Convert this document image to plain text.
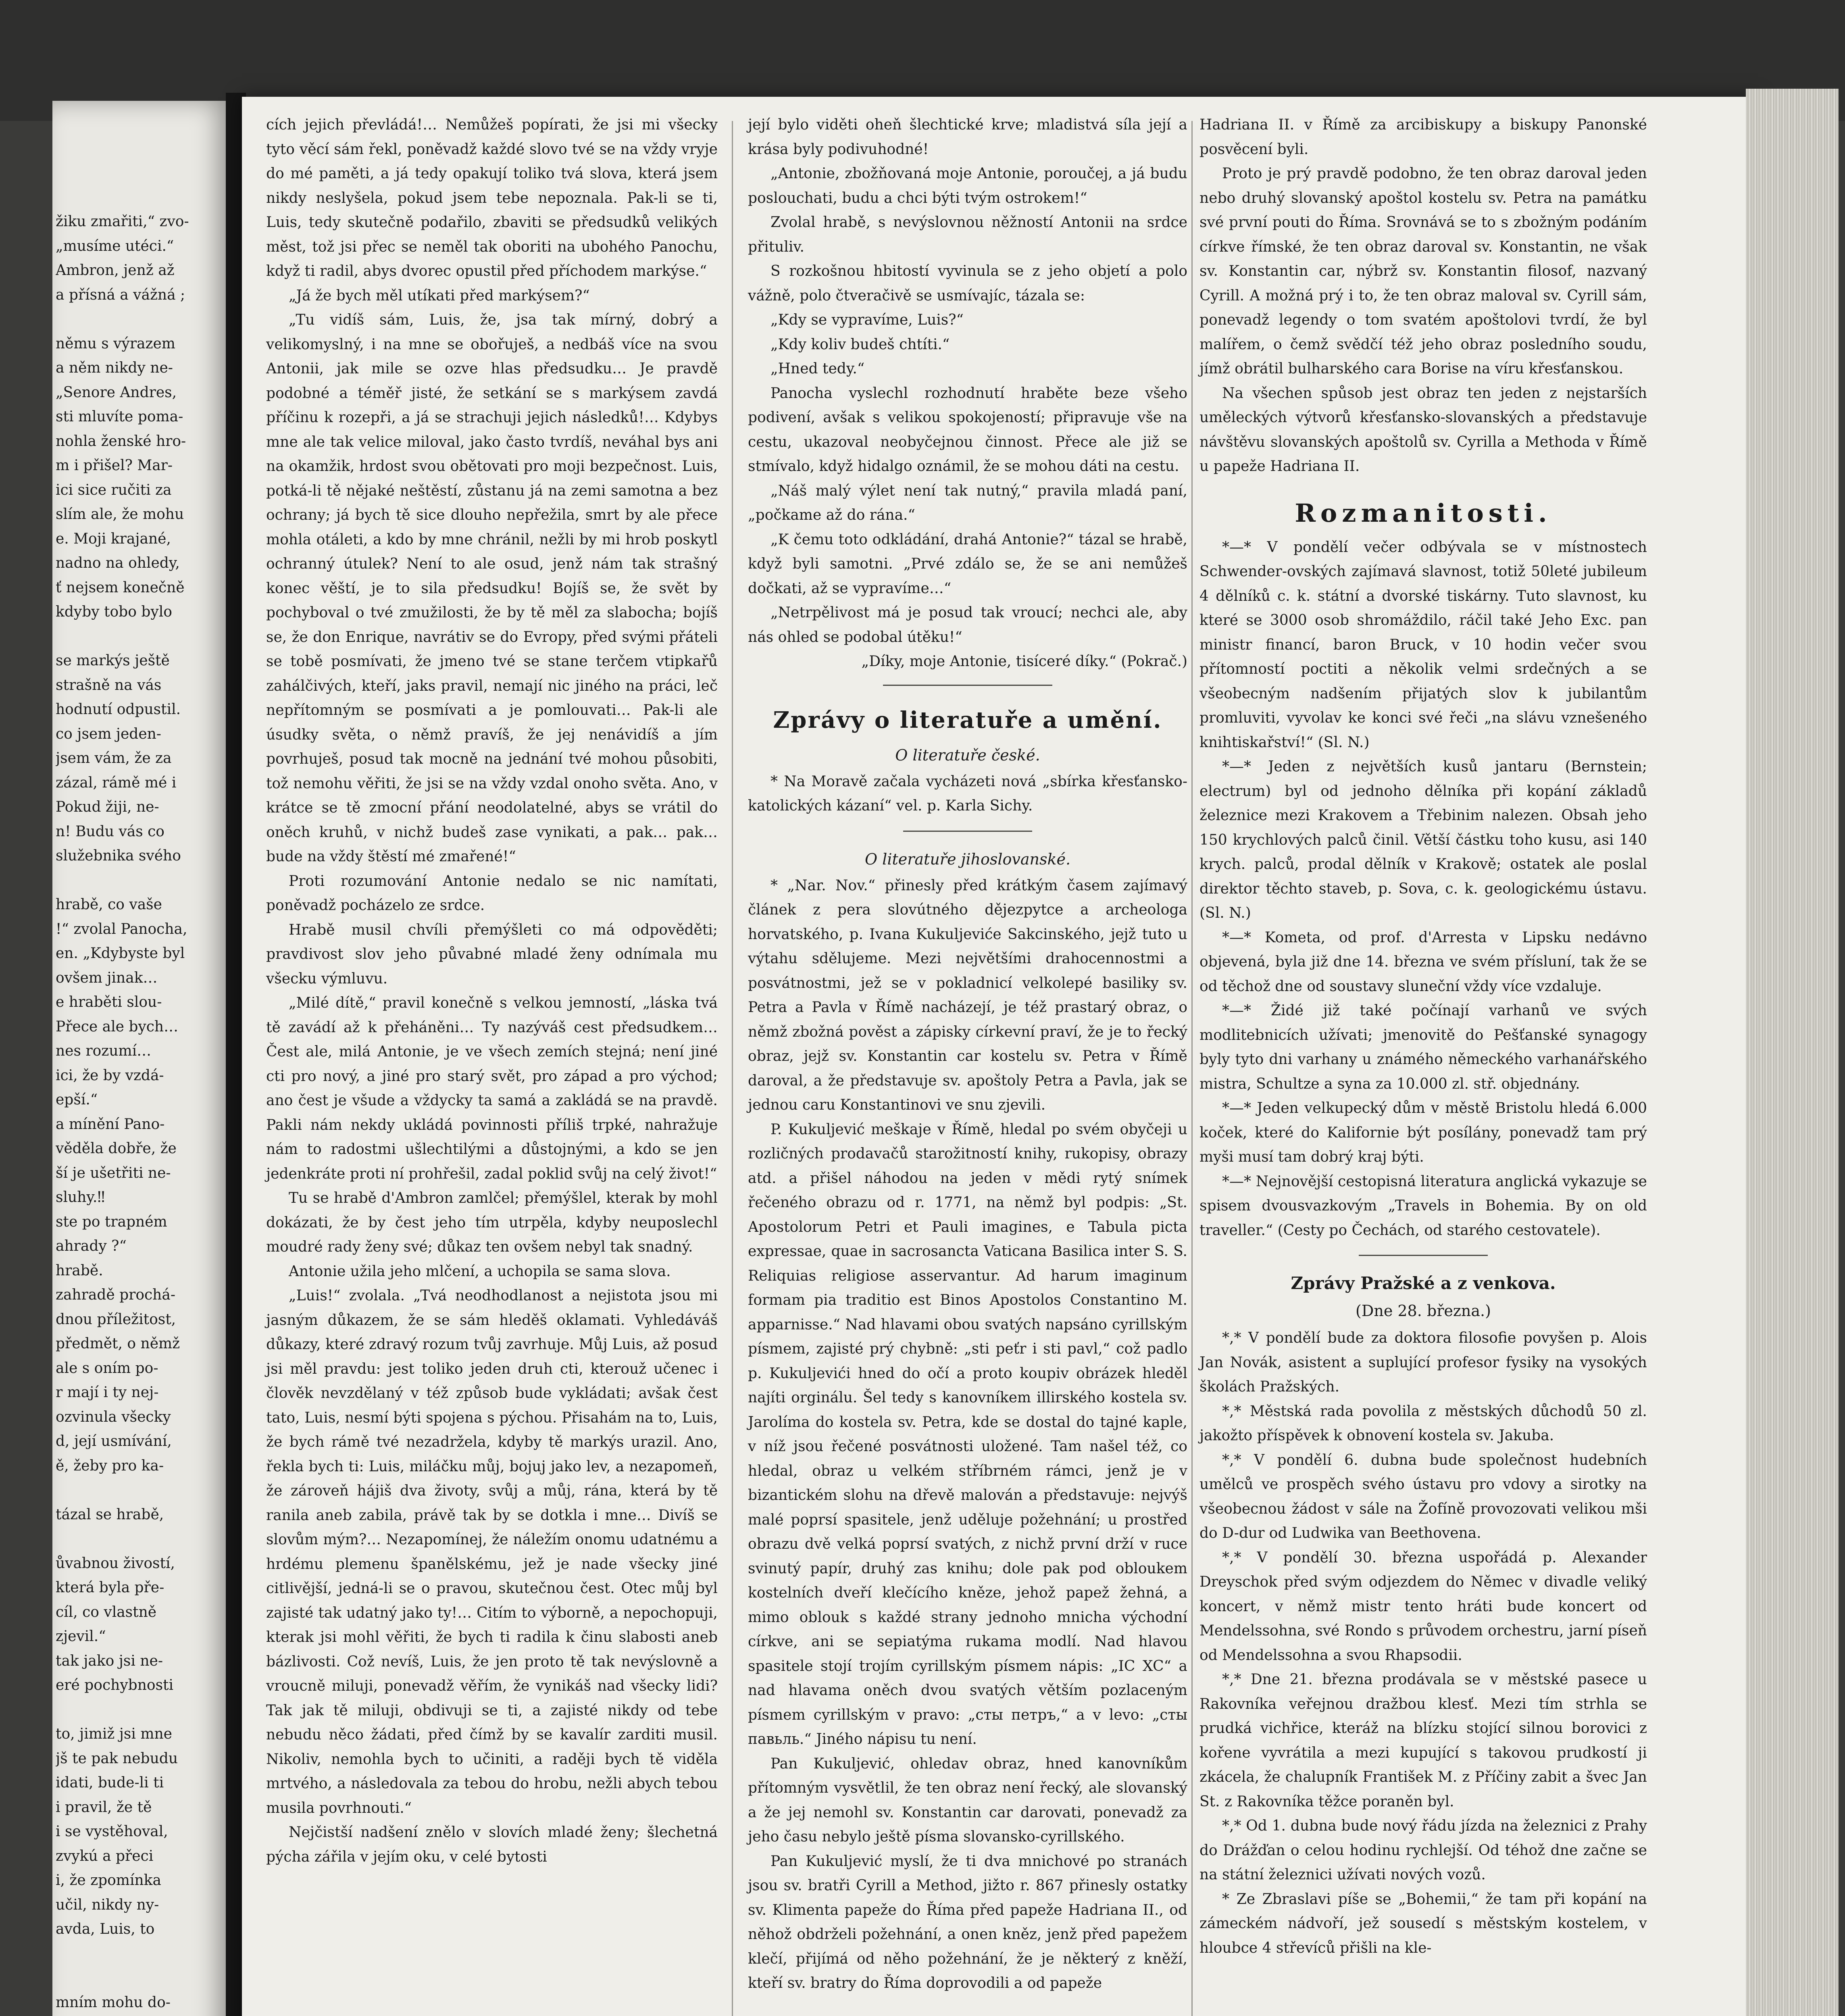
žiku zmařiti,“ zvo-
„musíme utéci.“
Ambron, jenž až
a přísná a vážná ;
němu s výrazem
a něm nikdy ne-
„Senore Andres,
sti mluvíte poma-
nohla ženské hro-
m i přišel? Mar-
ici sice ručiti za
slím ale, že mohu
e. Moji krajané,
nadno na ohledy,
ť nejsem konečně
kdyby tobo bylo
se markýs ještě
strašně na vás
hodnutí odpustil.
co jsem jeden-
jsem vám, že za
zázal, rámě mé i
Pokud žiji, ne-
n! Budu vás co
služebnika svého
hrabě, co vaše
!“ zvolal Panocha,
en. „Kdybyste byl
ovšem jinak…
e hraběti slou-
Přece ale bych…
nes rozumí…
ici, že by vzdá-
epší.“
a mínění Pano-
věděla dobře, že
ší je ušetřiti ne-
sluhy.‼
ste po trapném
ahrady ?“
hrabě.
zahradě prochá-
dnou příležitost,
předmět, o němž
ale s oním po-
r mají i ty nej-
ozvinula všecky
d, její usmívání,
ě, žeby pro ka-
tázal se hrabě,
ůvabnou živostí,
která byla pře-
cíl, co vlastně
zjevil.“
tak jako jsi ne-
eré pochybnosti
to, jimiž jsi mne
jš te pak nebudu
idati, bude-li ti
i pravil, že tě
i se vystěhoval,
zvykú a přeci
i, že zpomínka
učil, nikdy ny-
avda, Luis, to
mním mohu do-

cích jejich převládá!… Nemůžeš popírati, že jsi mi všecky tyto věcí sám řekl, poněvadž každé slovo tvé se na vždy vryje do mé paměti, a já tedy opakují toliko tvá slova, která jsem nikdy neslyšela, pokud jsem tebe nepoznala. Pak-li se ti, Luis, tedy skutečně podařilo, zbaviti se předsudků velikých měst, tož jsi přec se neměl tak oboriti na ubohého Panochu, když ti radil, abys dvorec opustil před příchodem markýse.“

„Já že bych měl utíkati před markýsem?“

„Tu vidíš sám, Luis, že, jsa tak mírný, dobrý a velikomyslný, i na mne se obořuješ, a nedbáš více na svou Antonii, jak mile se ozve hlas předsudku… Je pravdě podobné a téměř jisté, že setkání se s markýsem zavdá příčinu k rozepři, a já se strachuji jejich následků!… Kdybys mne ale tak velice miloval, jako často tvrdíš, neváhal bys ani na okamžik, hrdost svou obětovati pro moji bezpečnost. Luis, potká-li tě nějaké neštěstí, zůstanu já na zemi samotna a bez ochrany; já bych tě sice dlouho nepřežila, smrt by ale přece mohla otáleti, a kdo by mne chránil, nežli by mi hrob poskytl ochranný útulek? Není to ale osud, jenž nám tak strašný konec věští, je to sila předsudku! Bojíš se, že svět by pochyboval o tvé zmužilosti, že by tě měl za slabocha; bojíš se, že don Enrique, navrátiv se do Evropy, před svými přáteli se tobě posmívati, že jmeno tvé se stane terčem vtipkařů zahálčivých, kteří, jaks pravil, nemají nic jiného na práci, leč nepřítomným se posmívati a je pomlouvati… Pak-li ale úsudky světa, o němž pravíš, že jej nenávidíš a jím povrhuješ, posud tak mocně na jednání tvé mohou působiti, tož nemohu věřiti, že jsi se na vždy vzdal onoho světa. Ano, v krátce se tě zmocní přání neodolatelné, abys se vrátil do oněch kruhů, v nichž budeš zase vynikati, a pak… pak… bude na vždy štěstí mé zmařené!“

Proti rozumování Antonie nedalo se nic namítati, poněvadž pocházelo ze srdce.

Hrabě musil chvíli přemýšleti co má odpověděti; pravdivost slov jeho půvabné mladé ženy odnímala mu všecku výmluvu.

„Milé dítě,“ pravil konečně s velkou jemností, „láska tvá tě zavádí až k přeháněni… Ty nazýváš cest předsudkem… Čest ale, milá Antonie, je ve všech zemích stejná; není jiné cti pro nový, a jiné pro starý svět, pro západ a pro východ; ano čest je všude a vždycky ta samá a zakládá se na pravdě. Pakli nám nekdy ukládá povinnosti příliš trpké, nahražuje nám to radostmi ušlechtilými a důstojnými, a kdo se jen jedenkráte proti ní prohřešil, zadal poklid svůj na celý život!“

Tu se hrabě d'Ambron zamlčel; přemýšlel, kterak by mohl dokázati, že by čest jeho tím utrpěla, kdyby neuposlechl moudré rady ženy své; důkaz ten ovšem nebyl tak snadný.

Antonie užila jeho mlčení, a uchopila se sama slova.

„Luis!“ zvolala. „Tvá neodhodlanost a nejistota jsou mi jasným důkazem, že se sám hleděš oklamati. Vyhledáváš důkazy, které zdravý rozum tvůj zavrhuje. Můj Luis, až posud jsi měl pravdu: jest toliko jeden druh cti, kterouž učenec i člověk nevzdělaný v též způsob bude vykládati; avšak čest tato, Luis, nesmí býti spojena s pýchou. Přisahám na to, Luis, že bych rámě tvé nezadržela, kdyby tě markýs urazil. Ano, řekla bych ti: Luis, miláčku můj, bojuj jako lev, a nezapomeň, že zároveň hájiš dva životy, svůj a můj, rána, která by tě ranila aneb zabila, právě tak by se dotkla i mne… Divíš se slovům mým?… Nezapomínej, že náležím onomu udatnému a hrdému plemenu španělskému, jež je nade všecky jiné citlivější, jedná-li se o pravou, skutečnou čest. Otec můj byl zajisté tak udatný jako ty!… Citím to výborně, a nepochopuji, kterak jsi mohl věřiti, že bych ti radila k činu slabosti aneb bázlivosti. Což nevíš, Luis, že jen proto tě tak nevýslovně a vroucně miluji, ponevadž věřím, že vynikáš nad všecky lidi? Tak jak tě miluji, obdivuji se ti, a zajisté nikdy od tebe nebudu něco žádati, před čímž by se kavalír zarditi musil. Nikoliv, nemohla bych to učiniti, a raději bych tě viděla mrtvého, a následovala za tebou do hrobu, nežli abych tebou musila povrhnouti.“

Nejčistší nadšení znělo v slovích mladé ženy; šlechetná pýcha zářila v jejím oku, v celé bytosti

její bylo viděti oheň šlechtické krve; mladistvá síla její a krása byly podivuhodné!

„Antonie, zbožňovaná moje Antonie, poroučej, a já budu poslouchati, budu a chci býti tvým ostrokem!“

Zvolal hrabě, s nevýslovnou něžností Antonii na srdce přituliv.

S rozkošnou hbitostí vyvinula se z jeho objetí a polo vážně, polo čtveračivě se usmívajíc, tázala se:

„Kdy se vypravíme, Luis?“

„Kdy koliv budeš chtíti.“

„Hned tedy.“

Panocha vyslechl rozhodnutí hraběte beze všeho podivení, avšak s velikou spokojeností; připravuje vše na cestu, ukazoval neobyčejnou činnost. Přece ale již se stmívalo, když hidalgo oznámil, že se mohou dáti na cestu.

„Náš malý výlet není tak nutný,“ pravila mladá paní, „počkame až do rána.“

„K čemu toto odkládání, drahá Antonie?“ tázal se hrabě, když byli samotni. „Prvé zdálo se, že se ani nemůžeš dočkati, až se vypravíme…“

„Netrpělivost má je posud tak vroucí; nechci ale, aby nás ohled se podobal útěku!“

„Díky, moje Antonie, tisíceré díky.“ (Pokrač.)

Zprávy o literatuře a umění.
O literatuře české.

* Na Moravě začala vycházeti nová „sbírka křesťansko-katolických kázaní“ vel. p. Karla Sichy.

O literatuře jihoslovanské.

* „Nar. Nov.“ přinesly před krátkým časem zajímavý článek z pera slovútného dějezpytce a archeologa horvatského, p. Ivana Kukuljeviće Sakcinského, jejž tuto u výtahu sdělujeme. Mezi největšími drahocennostmi a posvátnostmi, jež se v pokladnicí velkolepé basiliky sv. Petra a Pavla v Římě nacházejí, je též prastarý obraz, o němž zbožná pověst a zápisky církevní praví, že je to řecký obraz, jejž sv. Konstantin car kostelu sv. Petra v Římě daroval, a že představuje sv. apoštoly Petra a Pavla, jak se jednou caru Konstantinovi ve snu zjevili.

P. Kukuljević meškaje v Římě, hledal po svém obyčeji u rozličných prodavačů starožitností knihy, rukopisy, obrazy atd. a přišel náhodou na jeden v mědi rytý snímek řečeného obrazu od r. 1771, na němž byl podpis: „St. Apostolorum Petri et Pauli imagines, e Tabula picta expressae, quae in sacrosancta Vaticana Basilica inter S. S. Reliquias religiose asservantur. Ad harum imaginum formam pia traditio est Binos Apostolos Constantino M. apparnisse.“ Nad hlavami obou svatých napsáno cyrillským písmem, zajisté prý chybně: „sti peťr i sti pavl,“ což padlo p. Kukuljevići hned do očí a proto koupiv obrázek hleděl najíti orginálu. Šel tedy s kanovníkem illirského kostela sv. Jarolíma do kostela sv. Petra, kde se dostal do tajné kaple, v níž jsou řečené posvátnosti uložené. Tam našel též, co hledal, obraz u velkém stříbrném rámci, jenž je v bizantickém slohu na dřevě malován a představuje: nejvýš malé poprsí spasitele, jenž uděluje požehnání; u prostřed obrazu dvě velká poprsí svatých, z nichž první drží v ruce svinutý papír, druhý zas knihu; dole pak pod obloukem kostelních dveří klečícího kněze, jehož papež žehná, a mimo oblouk s každé strany jednoho mnicha východní církve, ani se sepiatýma rukama modlí. Nad hlavou spasitele stojí trojím cyrillským písmem nápis: „IC XC“ a nad hlavama oněch dvou svatých větším pozlaceným písmem cyrillským v pravo: „сты петръ,“ a v levo: „сты павьль.“ Jiného nápisu tu není.

Pan Kukuljević, ohledav obraz, hned kanovníkům přítomným vysvětlil, že ten obraz není řecký, ale slovanský a že jej nemohl sv. Konstantin car darovati, ponevadž za jeho času nebylo ještě písma slovansko-cyrillského.

Pan Kukuljević myslí, že ti dva mnichové po stranách jsou sv. bratři Cyrill a Method, jižto r. 867 přinesly ostatky sv. Klimenta papeže do Říma před papeže Hadriana II., od něhož obdrželi požehnání, a onen kněz, jenž před papežem klečí, přijímá od něho požehnání, že je některý z kněží, kteří sv. bratry do Říma doprovodili a od papeže

Hadriana II. v Římě za arcibiskupy a biskupy Panonské posvěcení byli.

Proto je prý pravdě podobno, že ten obraz daroval jeden nebo druhý slovanský apoštol kostelu sv. Petra na památku své první pouti do Říma. Srovnává se to s zbožným podáním církve římské, že ten obraz daroval sv. Konstantin, ne však sv. Konstantin car, nýbrž sv. Konstantin filosof, nazvaný Cyrill. A možná prý i to, že ten obraz maloval sv. Cyrill sám, ponevadž legendy o tom svatém apoštolovi tvrdí, že byl malířem, o čemž svědčí též jeho obraz posledního soudu, jímž obrátil bulharského cara Borise na víru křesťanskou.

Na všechen spůsob jest obraz ten jeden z nejstarších uměleckých výtvorů křesťansko-slovanských a představuje návštěvu slovanských apoštolů sv. Cyrilla a Methoda v Římě u papeže Hadriana II.

Rozmanitosti.

*—* V pondělí večer odbývala se v místnostech Schwender-ovských zajímavá slavnost, totiž 50leté jubileum 4 dělníků c. k. státní a dvorské tiskárny. Tuto slavnost, ku které se 3000 osob shromáždilo, ráčil také Jeho Exc. pan ministr financí, baron Bruck, v 10 hodin večer svou přítomností poctiti a několik velmi srdečných a se všeobecným nadšením přijatých slov k jubilantům promluviti, vyvolav ke konci své řeči „na slávu vznešeného knihtiskařství!“ (Sl. N.)

*—* Jeden z největších kusů jantaru (Bernstein; electrum) byl od jednoho dělníka při kopání základů železnice mezi Krakovem a Třebinim nalezen. Obsah jeho 150 krychlových palců činil. Větší částku toho kusu, asi 140 krych. palců, prodal dělník v Krakově; ostatek ale poslal direktor těchto staveb, p. Sova, c. k. geologickému ústavu. (Sl. N.)

*—* Kometa, od prof. d'Arresta v Lipsku nedávno objevená, byla již dne 14. března ve svém přísluní, tak že se od těchož dne od soustavy sluneční vždy více vzdaluje.

*—* Židé již také počínají varhanů ve svých modlitebnicích užívati; jmenovitě do Pešťanské synagogy byly tyto dni varhany u známého německého varhanářského mistra, Schultze a syna za 10.000 zl. stř. objednány.

*—* Jeden velkupecký dům v městě Bristolu hledá 6.000 koček, které do Kalifornie být posílány, ponevadž tam prý myši musí tam dobrý kraj býti.

*—* Nejnovější cestopisná literatura anglická vykazuje se spisem dvousvazkovým „Travels in Bohemia. By on old traveller.“ (Cesty po Čechách, od starého cestovatele).

Zprávy Pražské a z venkova.
(Dne 28. března.)

*,* V pondělí bude za doktora filosofie povyšen p. Alois Jan Novák, asistent a suplující profesor fysiky na vysokých školách Pražských.

*,* Městská rada povolila z městských důchodů 50 zl. jakožto příspěvek k obnovení kostela sv. Jakuba.

*,* V pondělí 6. dubna bude společnost hudebních umělců ve prospěch svého ústavu pro vdovy a sirotky na všeobecnou žádost v sále na Žofíně provozovati velikou mši do D-dur od Ludwika van Beethovena.

*,* V pondělí 30. března uspořádá p. Alexander Dreyschok před svým odjezdem do Němec v divadle veliký koncert, v němž mistr tento hráti bude koncert od Mendelssohna, své Rondo s průvodem orchestru, jarní píseň od Mendelssohna a svou Rhapsodii.

*,* Dne 21. března prodávala se v městské pasece u Rakovníka veřejnou dražbou klesť. Mezi tím strhla se prudká vichřice, kteráž na blízku stojící silnou borovici z kořene vyvrátila a mezi kupující s takovou prudkostí ji zkácela, že chalupník František M. z Příčiny zabit a švec Jan St. z Rakovníka těžce poraněn byl.

*,* Od 1. dubna bude nový řádu jízda na železnici z Prahy do Drážďan o celou hodinu rychlejší. Od téhož dne začne se na státní železnici užívati nových vozů.

* Ze Zbraslavi píše se „Bohemii,“ že tam při kopání na zámeckém nádvoří, jež sousedí s městským kostelem, v hloubce 4 střevíců přišli na kle-
